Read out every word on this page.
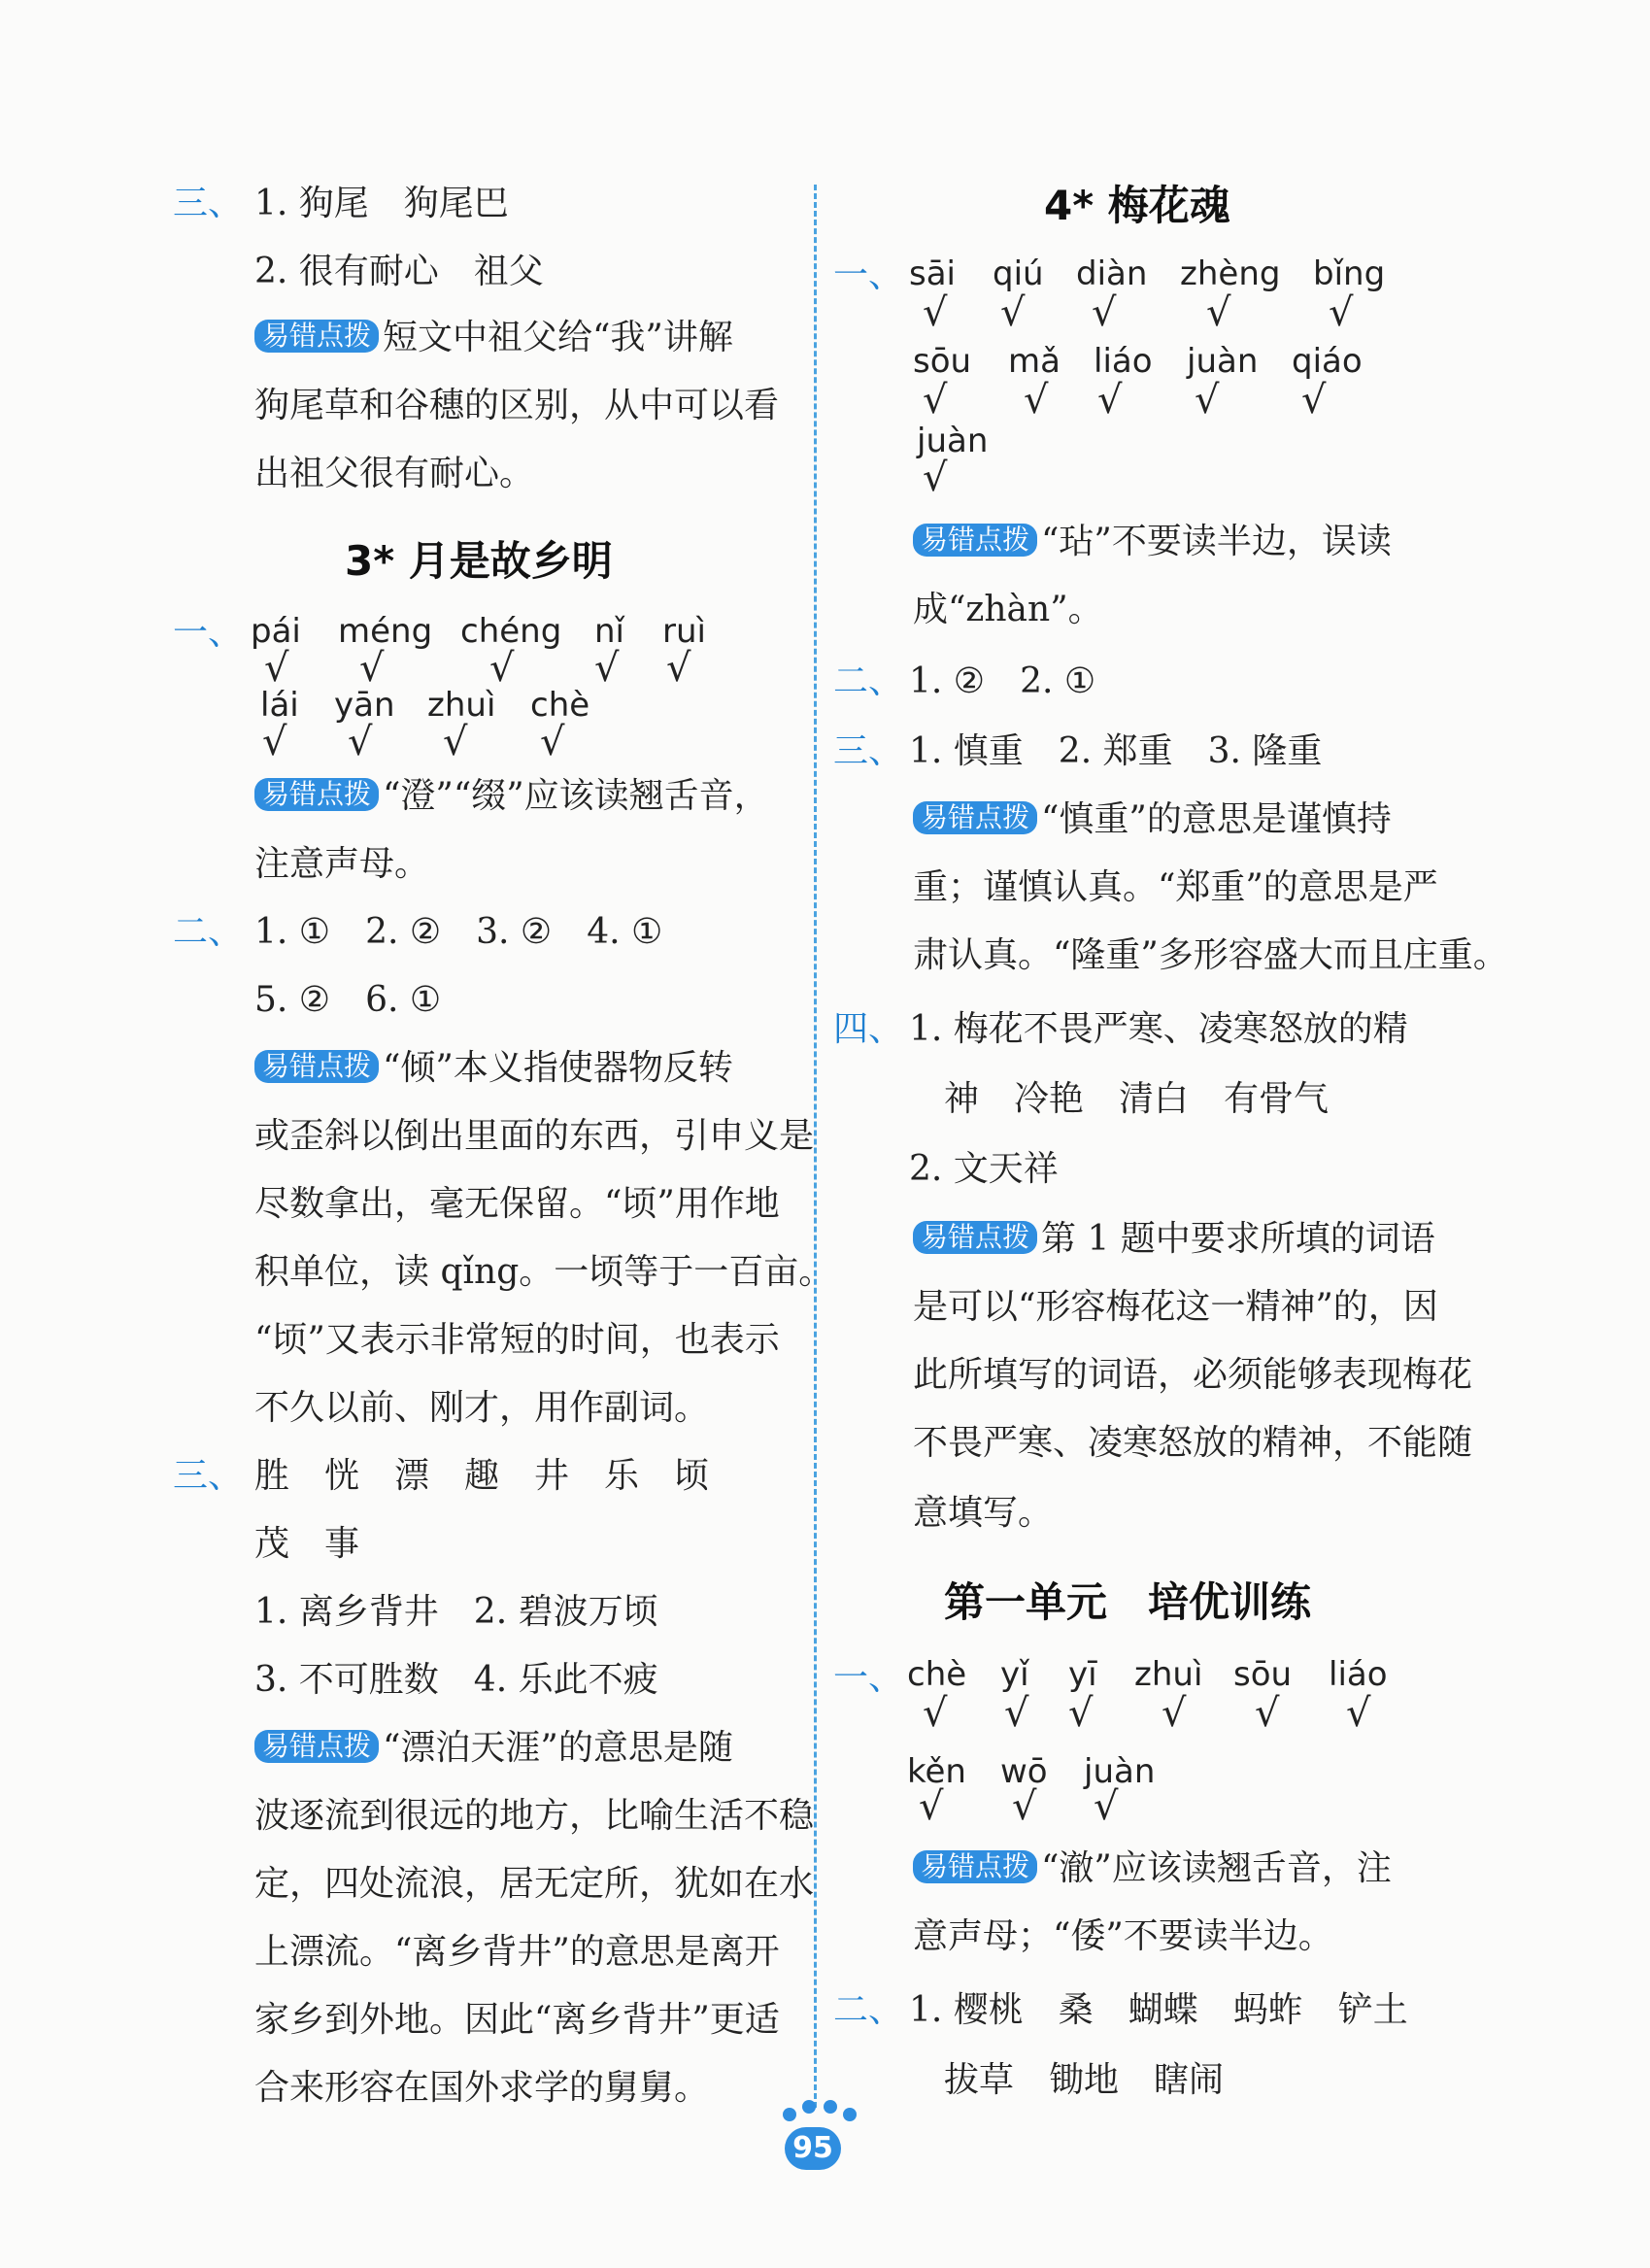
三、 1. 狗尾　狗尾巴
2. 很有耐心　祖父
易错点拨 短文中祖父给“我”讲解
狗尾草和谷穗的区别，从中可以看
出祖父很有耐心。
3* 月是故乡明
一、 pái méng chéng nǐ ruì
√ √	√ √ √
lái yān zhuì chè
√ √ √ √
易错点拨 “澄”“缀”应该读翘舌音，
注意声母。
二、 1. ①　2. ②　3. ②　4. ①
5. ②　6. ①
易错点拨 “倾”本义指使器物反转
或歪斜以倒出里面的东西，引申义是
尽数拿出，毫无保留。“顷”用作地
积单位，读 qǐng。一顷等于一百亩。
“顷”又表示非常短的时间，也表示
不久以前、刚才，用作副词。
三、 胜　恍　漂　趣　井　乐　顷
茂　事
1. 离乡背井　2. 碧波万顷
3. 不可胜数　4. 乐此不疲
易错点拨 “漂泊天涯”的意思是随
波逐流到很远的地方，比喻生活不稳
定，四处流浪，居无定所，犹如在水
上漂流。“离乡背井”的意思是离开
家乡到外地。因此“离乡背井”更适
合来形容在国外求学的舅舅。
4* 梅花魂
一、 sāi qiú diàn zhèng bǐng
√ √ √ √	√
sōu mǎ liáo juàn qiáo
√ √ √ √ √
juàn
√
易错点拨 “玷”不要读半边，误读
成“zhàn”。
二、 1. ②　2. ①
三、 1. 慎重　2. 郑重　3. 隆重
易错点拨 “慎重”的意思是谨慎持
重；谨慎认真。“郑重”的意思是严
肃认真。“隆重”多形容盛大而且庄重。
四、 1. 梅花不畏严寒、凌寒怒放的精
神　冷艳　清白　有骨气
2. 文天祥
易错点拨 第 1 题中要求所填的词语
是可以“形容梅花这一精神”的，因
此所填写的词语，必须能够表现梅花
不畏严寒、凌寒怒放的精神，不能随
意填写。
第一单元　培优训练
一、 chè yǐ yī zhuì sōu liáo
√ √ √ √ √ √
kěn wō juàn
√ √ √
易错点拨 “澈”应该读翘舌音，注
意声母；“倭”不要读半边。
二、 1. 樱桃　桑　蝴蝶　蚂蚱　铲土
拔草　锄地　瞎闹
95
